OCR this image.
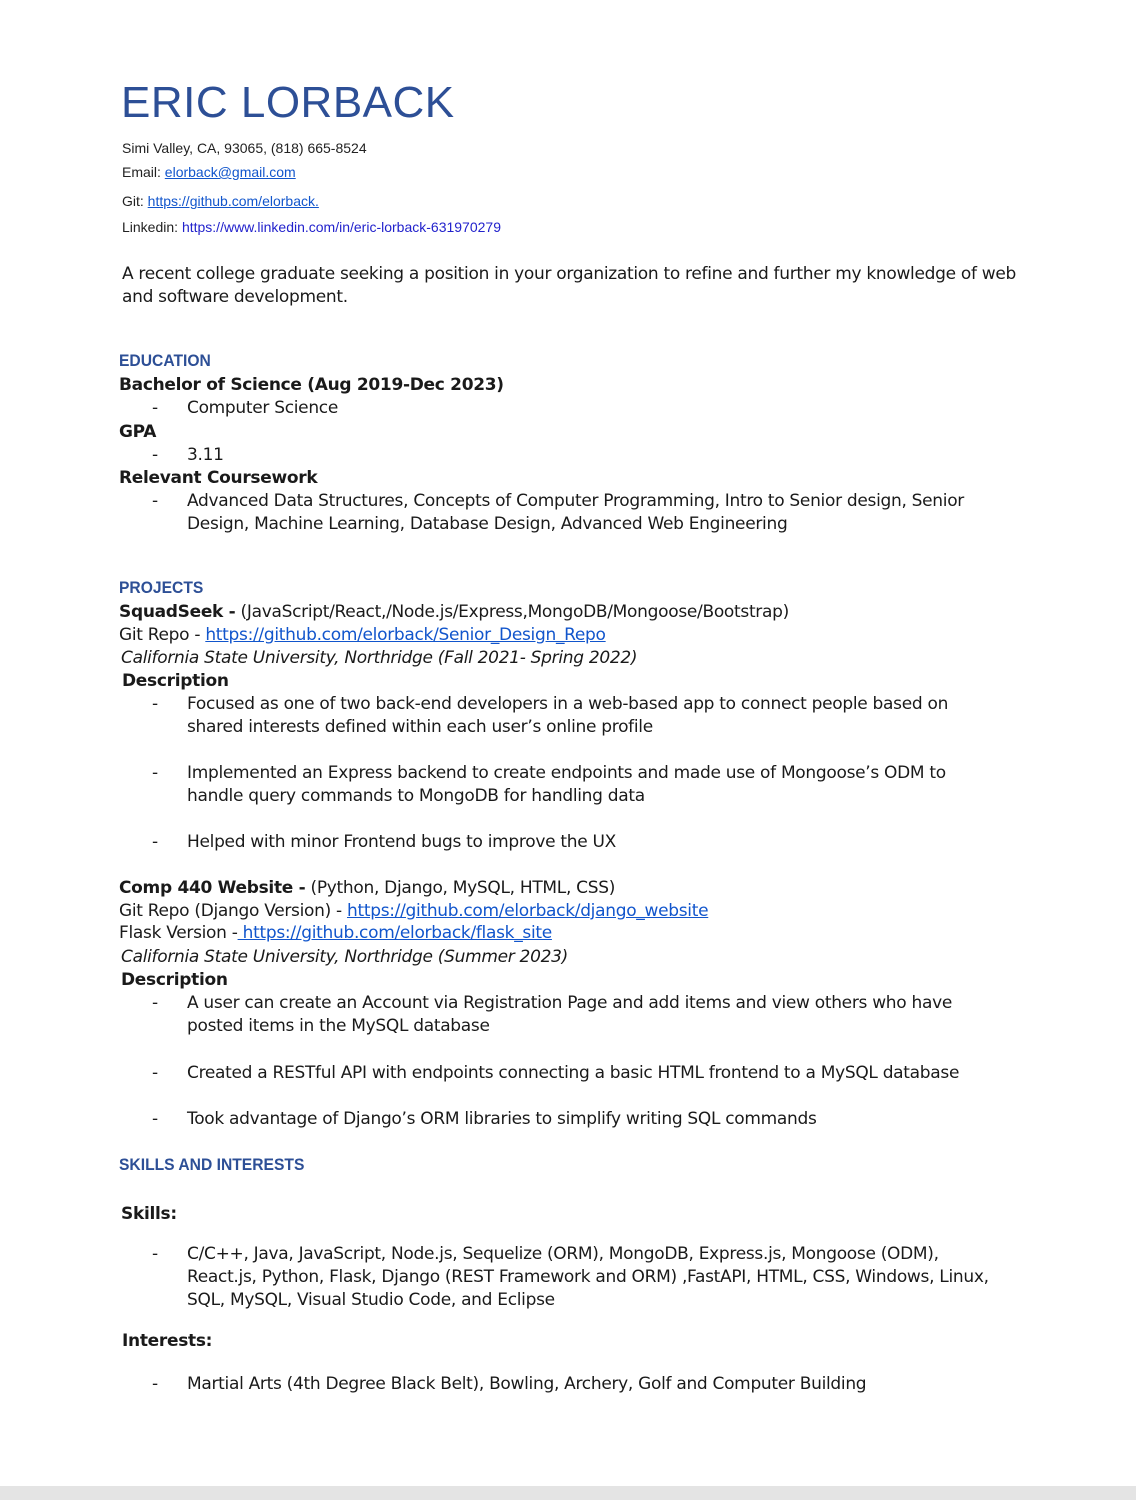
ERIC LORBACK
Simi Valley, CA, 93065, (818) 665-8524
Email: elorback@gmail.com
Git: https://github.com/elorback.
Linkedin: https://www.linkedin.com/in/eric-lorback-631970279
A recent college graduate seeking a position in your organization to refine and further my knowledge of web and software development.
EDUCATION
Bachelor of Science (Aug 2019-Dec 2023)
- Computer Science
GPA
- 3.11
Relevant Coursework
- Advanced Data Structures, Concepts of Computer Programming, Intro to Senior design, Senior Design, Machine Learning, Database Design, Advanced Web Engineering
PROJECTS
SquadSeek - (JavaScript/React,/Node.js/Express,MongoDB/Mongoose/Bootstrap)
Git Repo - https://github.com/elorback/Senior_Design_Repo
California State University, Northridge (Fall 2021- Spring 2022)
Description
- Focused as one of two back-end developers in a web-based app to connect people based on shared interests defined within each user’s online profile
- Implemented an Express backend to create endpoints and made use of Mongoose’s ODM to handle query commands to MongoDB for handling data
- Helped with minor Frontend bugs to improve the UX
Comp 440 Website - (Python, Django, MySQL, HTML, CSS)
Git Repo (Django Version) - https://github.com/elorback/django_website
Flask Version - https://github.com/elorback/flask_site
California State University, Northridge (Summer 2023)
Description
- A user can create an Account via Registration Page and add items and view others who have posted items in the MySQL database
- Created a RESTful API with endpoints connecting a basic HTML frontend to a MySQL database
- Took advantage of Django’s ORM libraries to simplify writing SQL commands
SKILLS AND INTERESTS
Skills:
- C/C++, Java, JavaScript, Node.js, Sequelize (ORM), MongoDB, Express.js, Mongoose (ODM), React.js, Python, Flask, Django (REST Framework and ORM) ,FastAPI, HTML, CSS, Windows, Linux, SQL, MySQL, Visual Studio Code, and Eclipse
Interests:
- Martial Arts (4th Degree Black Belt), Bowling, Archery, Golf and Computer Building
